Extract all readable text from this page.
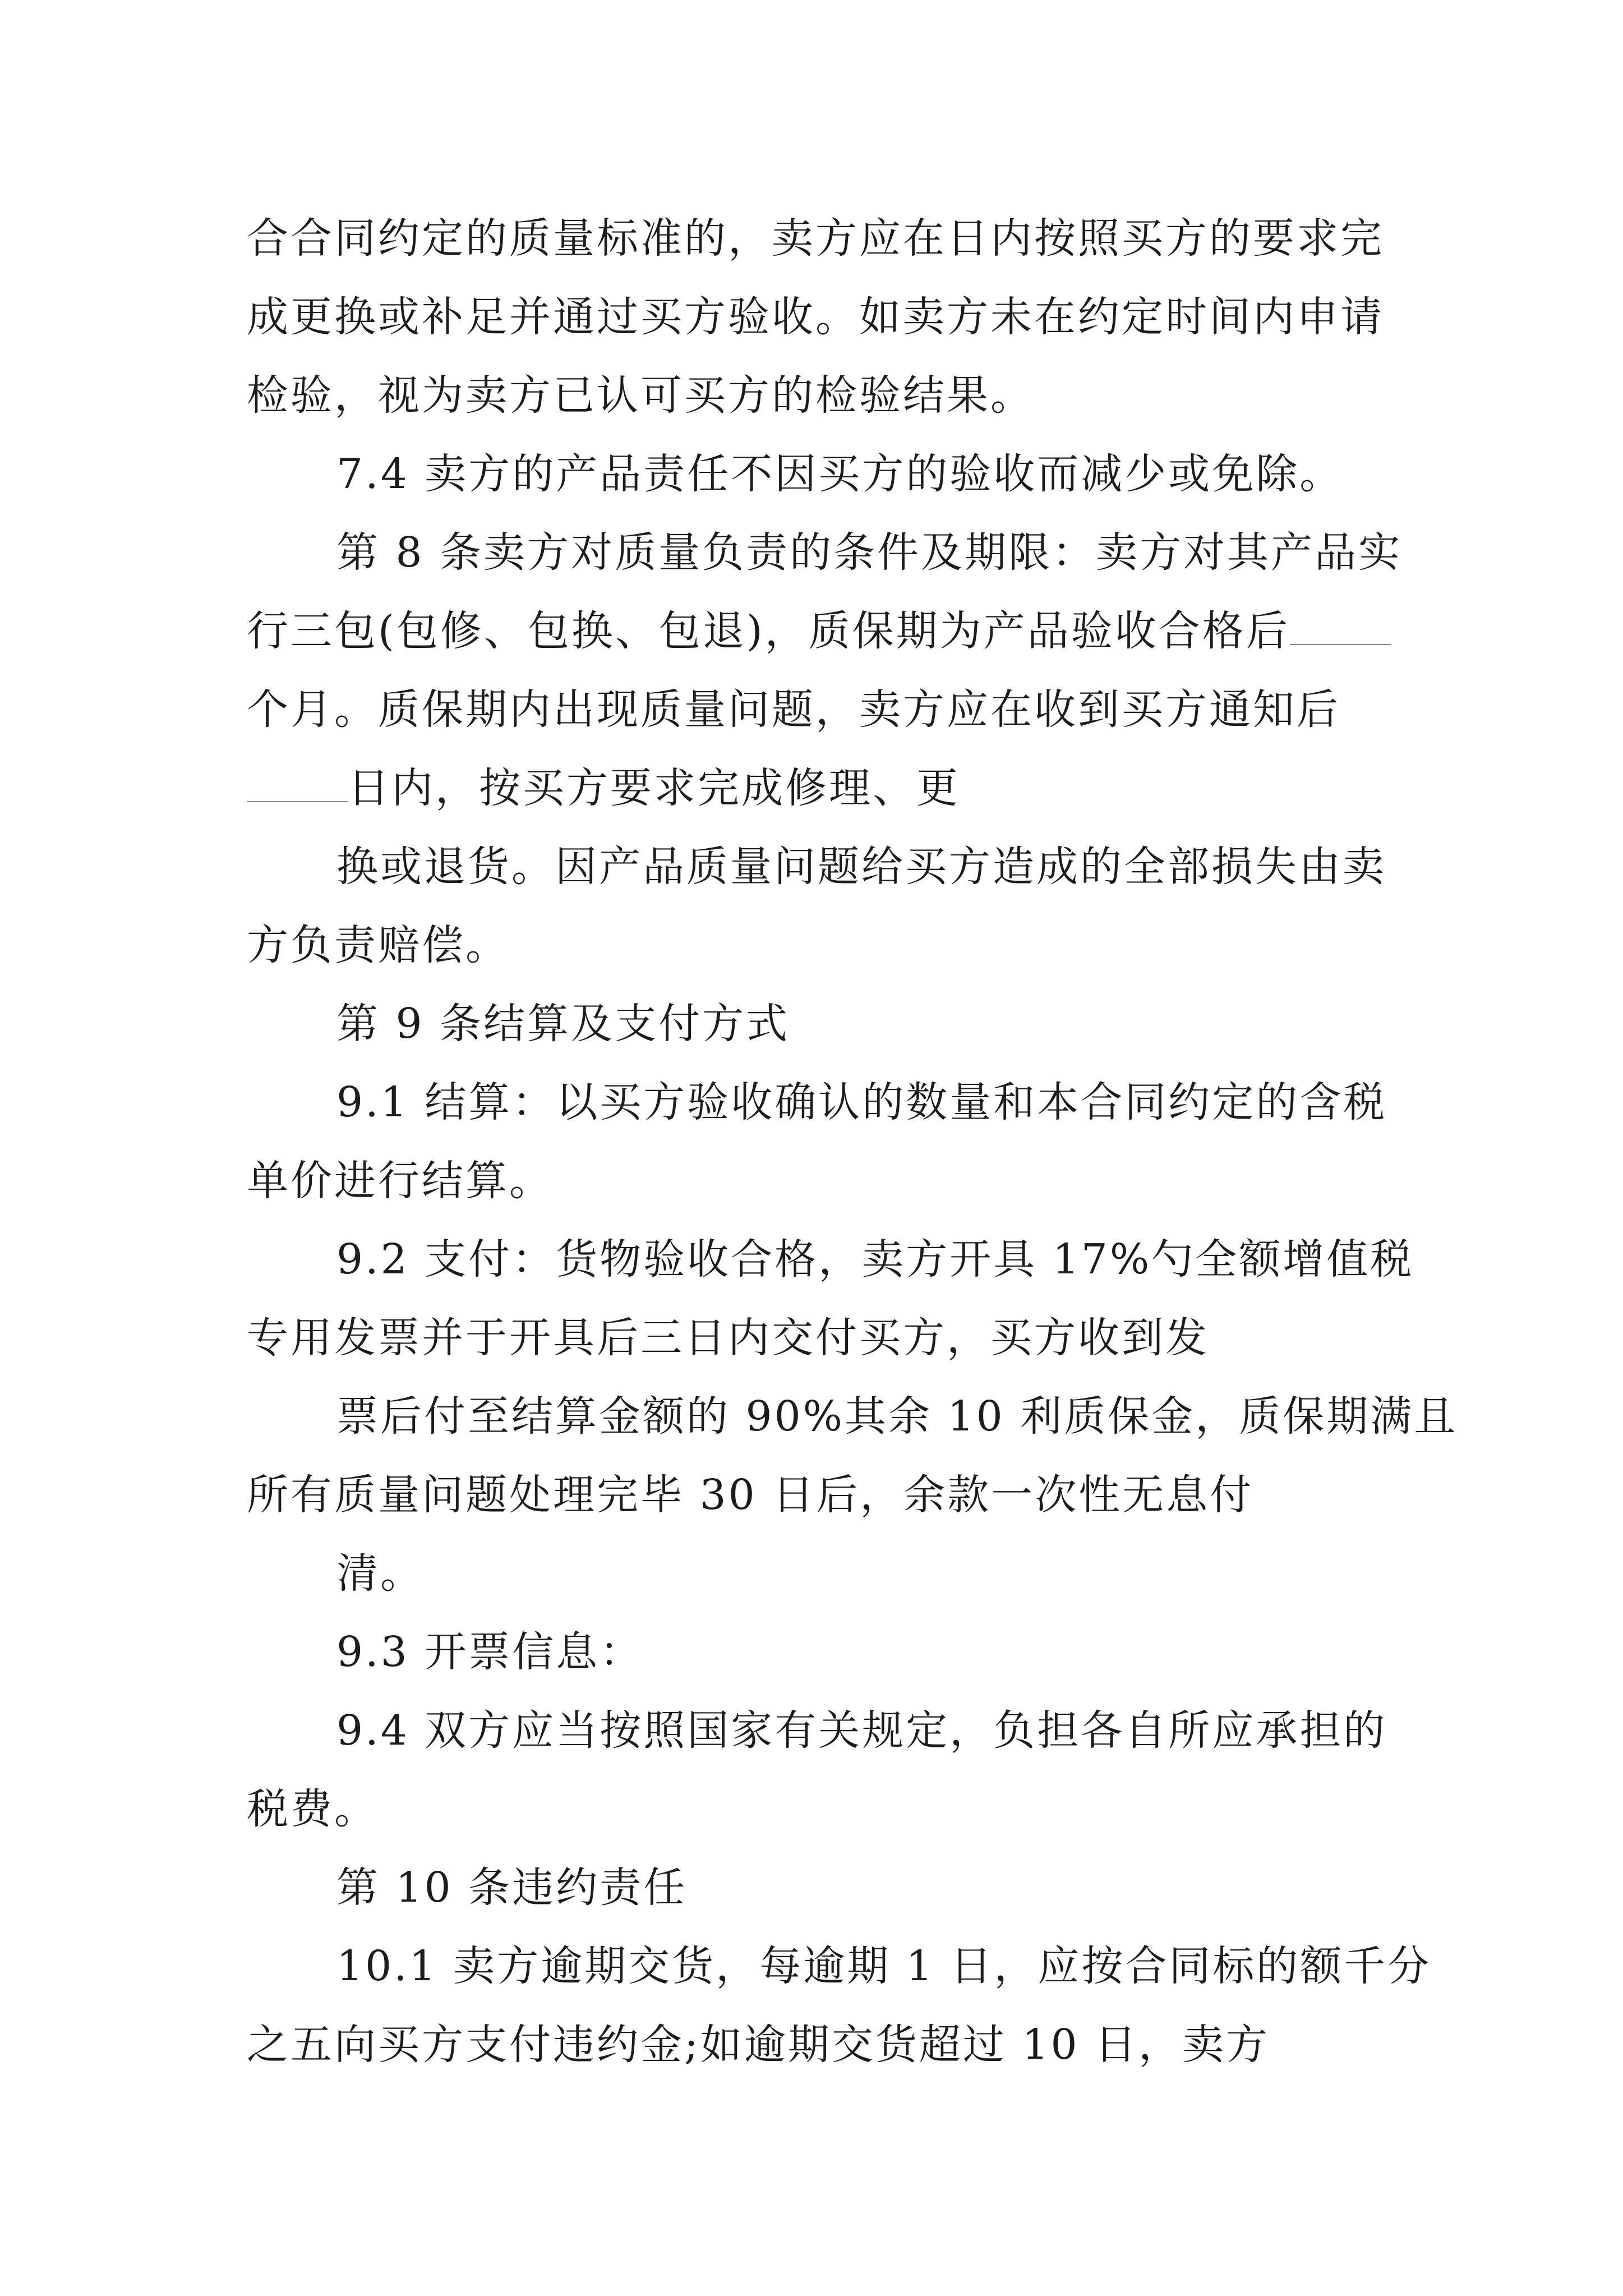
合合同约定的质量标准的，卖方应在日内按照买方的要求完
成更换或补足并通过买方验收。如卖方未在约定时间内申请
检验，视为卖方已认可买方的检验结果。
7.4 卖方的产品责任不因买方的验收而减少或免除。
第 8 条卖方对质量负责的条件及期限：卖方对其产品实
行三包(包修、包换、包退)，质保期为产品验收合格后
个月。质保期内出现质量问题，卖方应在收到买方通知后
日内，按买方要求完成修理、更
换或退货。因产品质量问题给买方造成的全部损失由卖
方负责赔偿。
第 9 条结算及支付方式
9.1 结算：以买方验收确认的数量和本合同约定的含税
单价进行结算。
9.2 支付：货物验收合格，卖方开具 17%勺全额增值税
专用发票并于开具后三日内交付买方，买方收到发
票后付至结算金额的 90%其余 10 利质保金，质保期满且
所有质量问题处理完毕 30 日后，余款一次性无息付
清。
9.3 开票信息：
9.4 双方应当按照国家有关规定，负担各自所应承担的
税费。
第 10 条违约责任
10.1 卖方逾期交货，每逾期 1 日，应按合同标的额千分
之五向买方支付违约金;如逾期交货超过 10 日，卖方
